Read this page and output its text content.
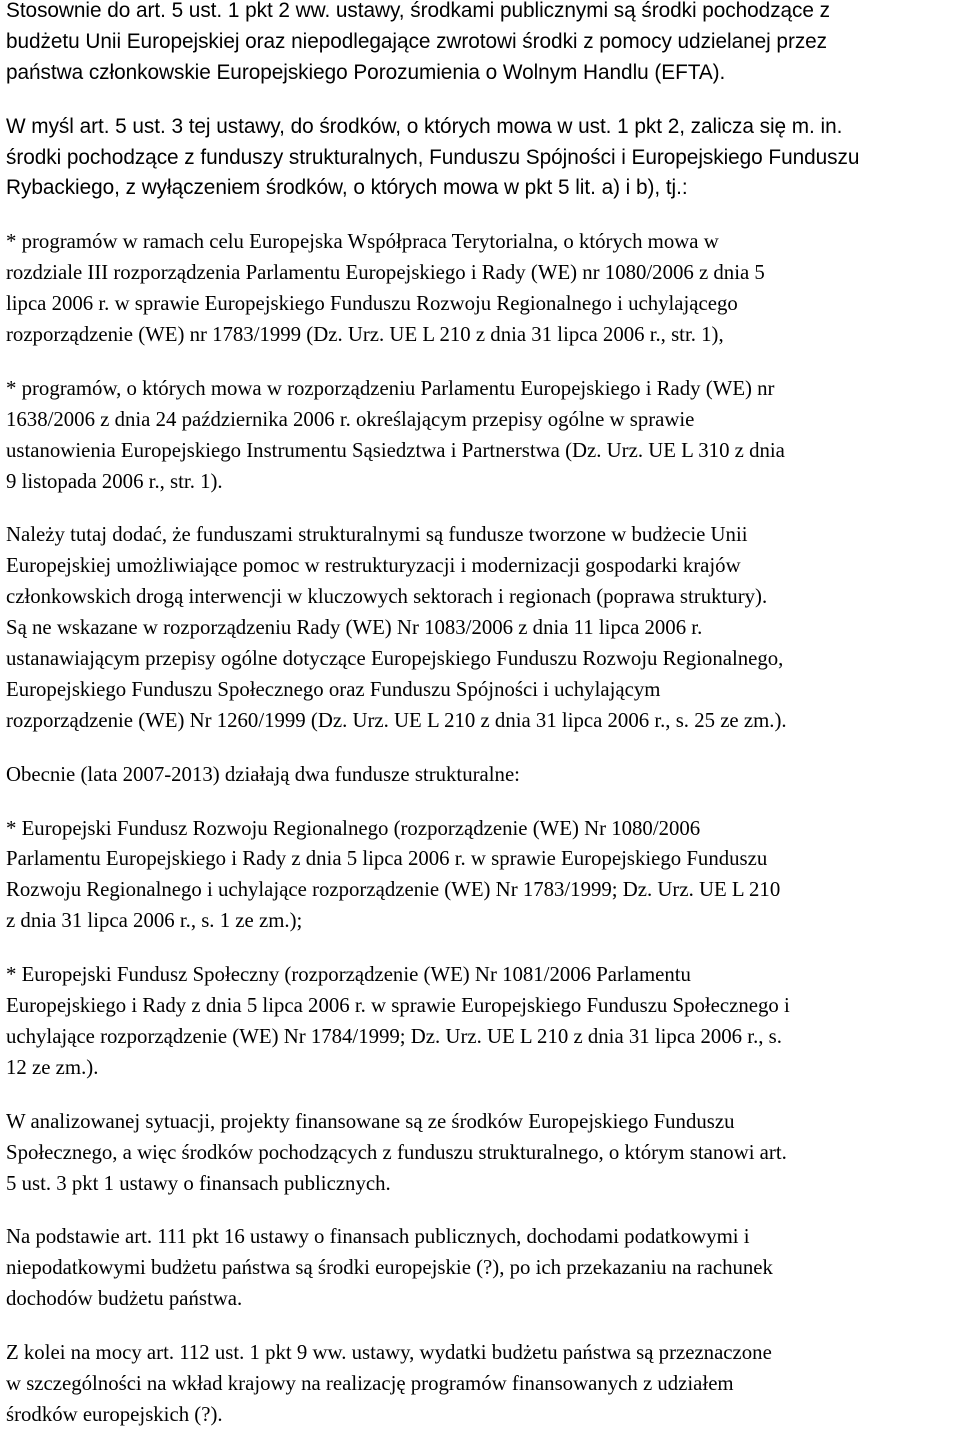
Stosownie do art. 5 ust. 1 pkt 2 ww. ustawy, środkami publicznymi są środki pochodzące z
budżetu Unii Europejskiej oraz niepodlegające zwrotowi środki z pomocy udzielanej przez
państwa członkowskie Europejskiego Porozumienia o Wolnym Handlu (EFTA).
W myśl art. 5 ust. 3 tej ustawy, do środków, o których mowa w ust. 1 pkt 2, zalicza się m. in.
środki pochodzące z funduszy strukturalnych, Funduszu Spójności i Europejskiego Funduszu
Rybackiego, z wyłączeniem środków, o których mowa w pkt 5 lit. a) i b), tj.:
* programów w ramach celu Europejska Współpraca Terytorialna, o których mowa w
rozdziale III rozporządzenia Parlamentu Europejskiego i Rady (WE) nr 1080/2006 z dnia 5
lipca 2006 r. w sprawie Europejskiego Funduszu Rozwoju Regionalnego i uchylającego
rozporządzenie (WE) nr 1783/1999 (Dz. Urz. UE L 210 z dnia 31 lipca 2006 r., str. 1),
* programów, o których mowa w rozporządzeniu Parlamentu Europejskiego i Rady (WE) nr
1638/2006 z dnia 24 października 2006 r. określającym przepisy ogólne w sprawie
ustanowienia Europejskiego Instrumentu Sąsiedztwa i Partnerstwa (Dz. Urz. UE L 310 z dnia
9 listopada 2006 r., str. 1).
Należy tutaj dodać, że funduszami strukturalnymi są fundusze tworzone w budżecie Unii
Europejskiej umożliwiające pomoc w restrukturyzacji i modernizacji gospodarki krajów
członkowskich drogą interwencji w kluczowych sektorach i regionach (poprawa struktury).
Są ne wskazane w rozporządzeniu Rady (WE) Nr 1083/2006 z dnia 11 lipca 2006 r.
ustanawiającym przepisy ogólne dotyczące Europejskiego Funduszu Rozwoju Regionalnego,
Europejskiego Funduszu Społecznego oraz Funduszu Spójności i uchylającym
rozporządzenie (WE) Nr 1260/1999 (Dz. Urz. UE L 210 z dnia 31 lipca 2006 r., s. 25 ze zm.).
Obecnie (lata 2007-2013) działają dwa fundusze strukturalne:
* Europejski Fundusz Rozwoju Regionalnego (rozporządzenie (WE) Nr 1080/2006
Parlamentu Europejskiego i Rady z dnia 5 lipca 2006 r. w sprawie Europejskiego Funduszu
Rozwoju Regionalnego i uchylające rozporządzenie (WE) Nr 1783/1999; Dz. Urz. UE L 210
z dnia 31 lipca 2006 r., s. 1 ze zm.);
* Europejski Fundusz Społeczny (rozporządzenie (WE) Nr 1081/2006 Parlamentu
Europejskiego i Rady z dnia 5 lipca 2006 r. w sprawie Europejskiego Funduszu Społecznego i
uchylające rozporządzenie (WE) Nr 1784/1999; Dz. Urz. UE L 210 z dnia 31 lipca 2006 r., s.
12 ze zm.).
W analizowanej sytuacji, projekty finansowane są ze środków Europejskiego Funduszu
Społecznego, a więc środków pochodzących z funduszu strukturalnego, o którym stanowi art.
5 ust. 3 pkt 1 ustawy o finansach publicznych.
Na podstawie art. 111 pkt 16 ustawy o finansach publicznych, dochodami podatkowymi i
niepodatkowymi budżetu państwa są środki europejskie (?), po ich przekazaniu na rachunek
dochodów budżetu państwa.
Z kolei na mocy art. 112 ust. 1 pkt 9 ww. ustawy, wydatki budżetu państwa są przeznaczone
w szczególności na wkład krajowy na realizację programów finansowanych z udziałem
środków europejskich (?).
